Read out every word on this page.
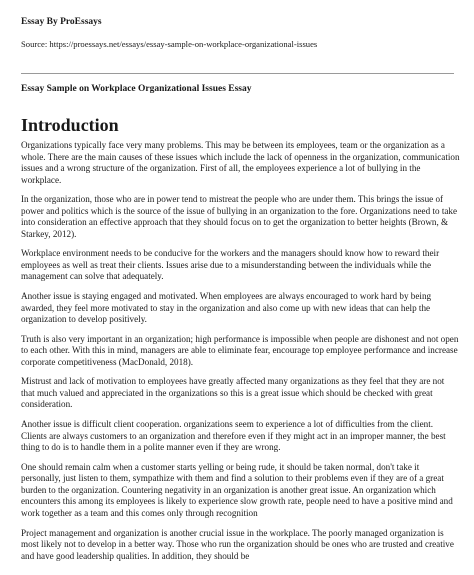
Essay By ProEssays
Source: https://proessays.net/essays/essay-sample-on-workplace-organizational-issues
Essay Sample on Workplace Organizational Issues Essay
Introduction

Organizations typically face very many problems. This may be between its employees, team or the organization as a whole. There are the main causes of these issues which include the lack of openness in the organization, communication issues and a wrong structure of the organization. First of all, the employees experience a lot of bullying in the workplace.

In the organization, those who are in power tend to mistreat the people who are under them. This brings the issue of power and politics which is the source of the issue of bullying in an organization to the fore. Organizations need to take into consideration an effective approach that they should focus on to get the organization to better heights (Brown, & Starkey, 2012).

Workplace environment needs to be conducive for the workers and the managers should know how to reward their employees as well as treat their clients. Issues arise due to a misunderstanding between the individuals while the management can solve that adequately.

Another issue is staying engaged and motivated. When employees are always encouraged to work hard by being awarded, they feel more motivated to stay in the organization and also come up with new ideas that can help the organization to develop positively.

Truth is also very important in an organization; high performance is impossible when people are dishonest and not open to each other. With this in mind, managers are able to eliminate fear, encourage top employee performance and increase corporate competitiveness (MacDonald, 2018).

Mistrust and lack of motivation to employees have greatly affected many organizations as they feel that they are not that much valued and appreciated in the organizations so this is a great issue which should be checked with great consideration.

Another issue is difficult client cooperation. organizations seem to experience a lot of difficulties from the client. Clients are always customers to an organization and therefore even if they might act in an improper manner, the best thing to do is to handle them in a polite manner even if they are wrong.

One should remain calm when a customer starts yelling or being rude, it should be taken normal, don't take it personally, just listen to them, sympathize with them and find a solution to their problems even if they are of a great burden to the organization. Countering negativity in an organization is another great issue. An organization which encounters this among its employees is likely to experience slow growth rate, people need to have a positive mind and work together as a team and this comes only through recognition

Project management and organization is another crucial issue in the workplace. The poorly managed organization is most likely not to develop in a better way. Those who run the organization should be ones who are trusted and creative and have good leadership qualities. In addition, they should be
